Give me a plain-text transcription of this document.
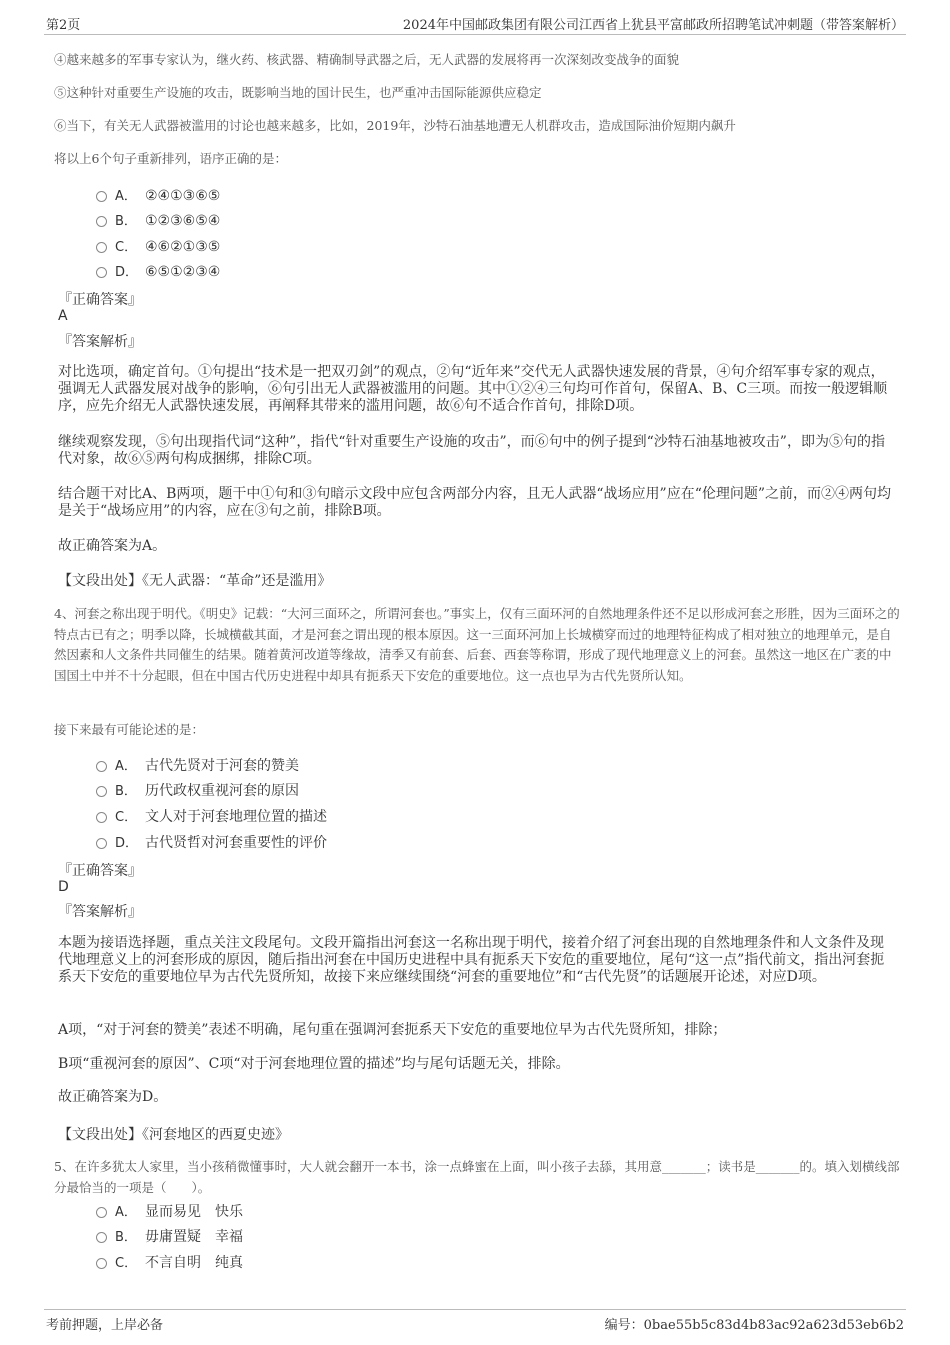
第2页	2024年中国邮政集团有限公司江西省上犹县平富邮政所招聘笔试冲刺题（带答案解析）
④越来越多的军事专家认为，继火药、核武器、精确制导武器之后，无人武器的发展将再一次深刻改变战争的面貌
⑤这种针对重要生产设施的攻击，既影响当地的国计民生，也严重冲击国际能源供应稳定
⑥当下，有关无人武器被滥用的讨论也越来越多，比如，2019年，沙特石油基地遭无人机群攻击，造成国际油价短期内飙升
将以上6个句子重新排列，语序正确的是：
A． ②④①③⑥⑤
B． ①②③⑥⑤④
C． ④⑥②①③⑤
D． ⑥⑤①②③④
『正确答案』
A
『答案解析』
对比选项，确定首句。①句提出“技术是一把双刃剑”的观点，②句“近年来”交代无人武器快速发展的背景，④句介绍军事专家的观点，强调无人武器发展对战争的影响，⑥句引出无人武器被滥用的问题。其中①②④三句均可作首句，保留A、B、C三项。而按一般逻辑顺序，应先介绍无人武器快速发展，再阐释其带来的滥用问题，故⑥句不适合作首句，排除D项。
继续观察发现，⑤句出现指代词“这种”，指代“针对重要生产设施的攻击”，而⑥句中的例子提到“沙特石油基地被攻击”，即为⑤句的指代对象，故⑥⑤两句构成捆绑，排除C项。
结合题干对比A、B两项，题干中①句和③句暗示文段中应包含两部分内容，且无人武器“战场应用”应在“伦理问题”之前，而②④两句均是关于“战场应用”的内容，应在③句之前，排除B项。
故正确答案为A。
【文段出处】《无人武器：“革命”还是滥用》
4、河套之称出现于明代。《明史》记载：“大河三面环之，所谓河套也。”事实上，仅有三面环河的自然地理条件还不足以形成河套之形胜，因为三面环之的特点古已有之；明季以降，长城横截其面，才是河套之谓出现的根本原因。这一三面环河加上长城横穿而过的地理特征构成了相对独立的地理单元，是自然因素和人文条件共同催生的结果。随着黄河改道等缘故，清季又有前套、后套、西套等称谓，形成了现代地理意义上的河套。虽然这一地区在广袤的中国国土中并不十分起眼，但在中国古代历史进程中却具有扼系天下安危的重要地位。这一点也早为古代先贤所认知。
接下来最有可能论述的是：
A． 古代先贤对于河套的赞美
B． 历代政权重视河套的原因
C． 文人对于河套地理位置的描述
D． 古代贤哲对河套重要性的评价
『正确答案』
D
『答案解析』
本题为接语选择题，重点关注文段尾句。文段开篇指出河套这一名称出现于明代，接着介绍了河套出现的自然地理条件和人文条件及现代地理意义上的河套形成的原因，随后指出河套在中国历史进程中具有扼系天下安危的重要地位，尾句“这一点”指代前文，指出河套扼系天下安危的重要地位早为古代先贤所知，故接下来应继续围绕“河套的重要地位”和“古代先贤”的话题展开论述，对应D项。
A项，“对于河套的赞美”表述不明确，尾句重在强调河套扼系天下安危的重要地位早为古代先贤所知，排除；
B项“重视河套的原因”、C项“对于河套地理位置的描述”均与尾句话题无关，排除。
故正确答案为D。
【文段出处】《河套地区的西夏史迹》
5、在许多犹太人家里，当小孩稍微懂事时，大人就会翻开一本书，涂一点蜂蜜在上面，叫小孩子去舔，其用意_______；读书是_______的。填入划横线部分最恰当的一项是（　　）。
A． 显而易见　快乐
B． 毋庸置疑　幸福
C． 不言自明　纯真
考前押题，上岸必备	编号：0bae55b5c83d4b83ac92a623d53eb6b2
